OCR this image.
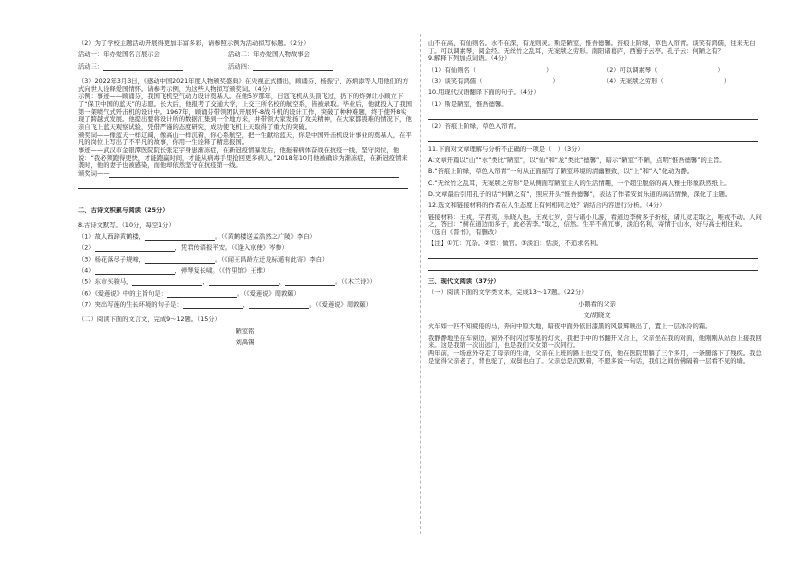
（2）为了学校主题活动开展得更加丰富多彩，请参照示例为活动拟写标题。（2分）
活动一：年办爱国名言展示会	活动二：年办爱国人物故事会
活动三：	活动四：
（3）2022年3月3日，《感动中国2021年度人物颁奖盛典》在央视正式播出，顾诵芬、杨振宁、苏炳添等人用他们的方式向世人诠释爱国情怀。请参考示例，为这些人物拟写颁奖词。（4分）
示例：事迹——顾诵芬，我国飞机空气动力设计奠基人。在他5岁那年，日寇飞机从头顶飞过，扔下的炸弹让小顾立下了“保卫中国的蓝天”的志愿。长大后，他报考了交通大学，上交三所名校的航空系，皆被录取。毕业后，他就投入了我国第一架喷气式歼击机的设计中。1967年，顾诵芬带领团队开展歼-8战斗机的设计工作，突破了种种难题，终于使歼8实现了跨越式发展。他提出要将设计所的数据汇集到一个地方来，并带领大家发扬了攻关精神，在大家都畏难的情况下，他亲自飞上蓝天观察试验，凭借严谨的态度研究，成功使飞机上天取得了重大的突破。
颁奖词——像蓝天一样辽阔，像高山一样沉着，你心系航空，把一生献给蓝天，你是中国歼击机设计事业的奠基人，在平凡的岗位上写出了不平凡的故事，你用一生诠释了精忠报国。
事迹——武汉市金银潭医院院长张定宇身患渐冻症，在新冠疫情暴发后，他拖着病体奋战在抗疫一线，坚守岗位，他说：“我必须跑得更快，才能跑赢时间，才能从病毒手里抢回更多病人。”2018年10月他被确诊为渐冻症，在新冠疫情来袭时，他的妻子也被感染，而他却依然坚守在抗疫第一线。
颁奖词——
二、古诗文积累与阅读（25分）
8.古诗文默写。（10分，每空1分）
（1）故人西辞黄鹤楼，	。（《黄鹤楼送孟浩然之广陵》李白）
（2）	，凭君传语报平安。（《逢入京使》岑参）
（3）杨花落尽子规啼，	。（《闻王昌龄左迁龙标遥有此寄》李白）
（4）	，弹琴复长啸。（《竹里馆》王维）
（5）东市买骏马，	，	，	。（《木兰诗》）
（6）《爱莲说》中的主旨句是：	。（《爱莲说》周敦颐）
（7）突出写莲的生长环境的句子是：	，	。（《爱莲说》周敦颐）
（二）阅读下面的文言文，完成9～12题。（15分）
陋室铭
刘禹锡
山不在高，有仙则名。水不在深，有龙则灵。斯是陋室，惟吾德馨。苔痕上阶绿，草色入帘青。谈笑有鸿儒，往来无白丁。可以调素琴，阅金经。无丝竹之乱耳，无案牍之劳形。南阳诸葛庐，西蜀子云亭。孔子云：何陋之有？
9.解释下列加点词语。（4分）
（1）有仙则名（	）	（2）可以调素琴（	）
（3）谈笑有鸿儒（	）	（4）无案牍之劳形（	）
10.用现代汉语翻译下面的句子。（4分）
（1）斯是陋室，惟吾德馨。
（2）苔痕上阶绿，草色入帘青。
11.下面对文章理解与分析不正确的一项是（　）（3分）
A.文章开篇以“山”“水”类比“陋室”，以“仙”和“龙”类比“德馨”，暗示“陋室”不陋，点明“惟吾德馨”的主旨。
B.“苔痕上阶绿，草色入帘青”一句从正面描写了陋室环境的清幽雅致，以“上”和“入”化动为静。
C.“无丝竹之乱耳，无案牍之劳形”是从侧面写陋室主人的生活情趣，一个超尘脱俗的高人雅士形象跃然纸上。
D.文章最后引用孔子的话“何陋之有”，照应开头“惟吾德馨”，表达了作者安贫乐道的高洁情操，深化了主题。
12.选文和链接材料的作者在人生态度上有何相同之处？请结合内容进行分析。（4分）
链接材料：王戎，字君夷，乐晓人也。王戎七岁，尝与诸小儿游，看道边李树多子折枝，诸儿竞走取之，唯戎不动。人问之，答曰：“树在道边而多子，此必苦李。”取之，信然。生平不喜冗事，淡泊名利，寄情于山水，好与高士相往来。
（选自《晋书》，有删改）
【注】①冗：冗杂。②宦：做官。③淡泊：恬淡，不追求名利。
三、现代文阅读（37分）
（一）阅读下面的文学类文本，完成13～17题。（22分）
小鹅看的父亲
文/胡晓文
火车如一匹不知疲倦的马，奔向中原大地，暗夜中面外依旧漆黑的风景辉映出了，置上一层冰冷的霜。
我静静地坐在车窗边，窗外不时闪过零星的灯火，我把手中的书翻开又合上，父亲坐在我的对面，他刚刚从站台上接我回来。这是我第一次出远门，也是我们父女第一次同行。
两年前，一场意外夺走了母亲的生命，父亲在上班的路上也受了伤，他在医院里躺了三个多月，一条腿落下了残疾。我总是觉得父亲老了，背也驼了，双鬓也白了。父亲总是沉默着，不愿多说一句话，我们之间仿佛隔着一层看不见的墙。
